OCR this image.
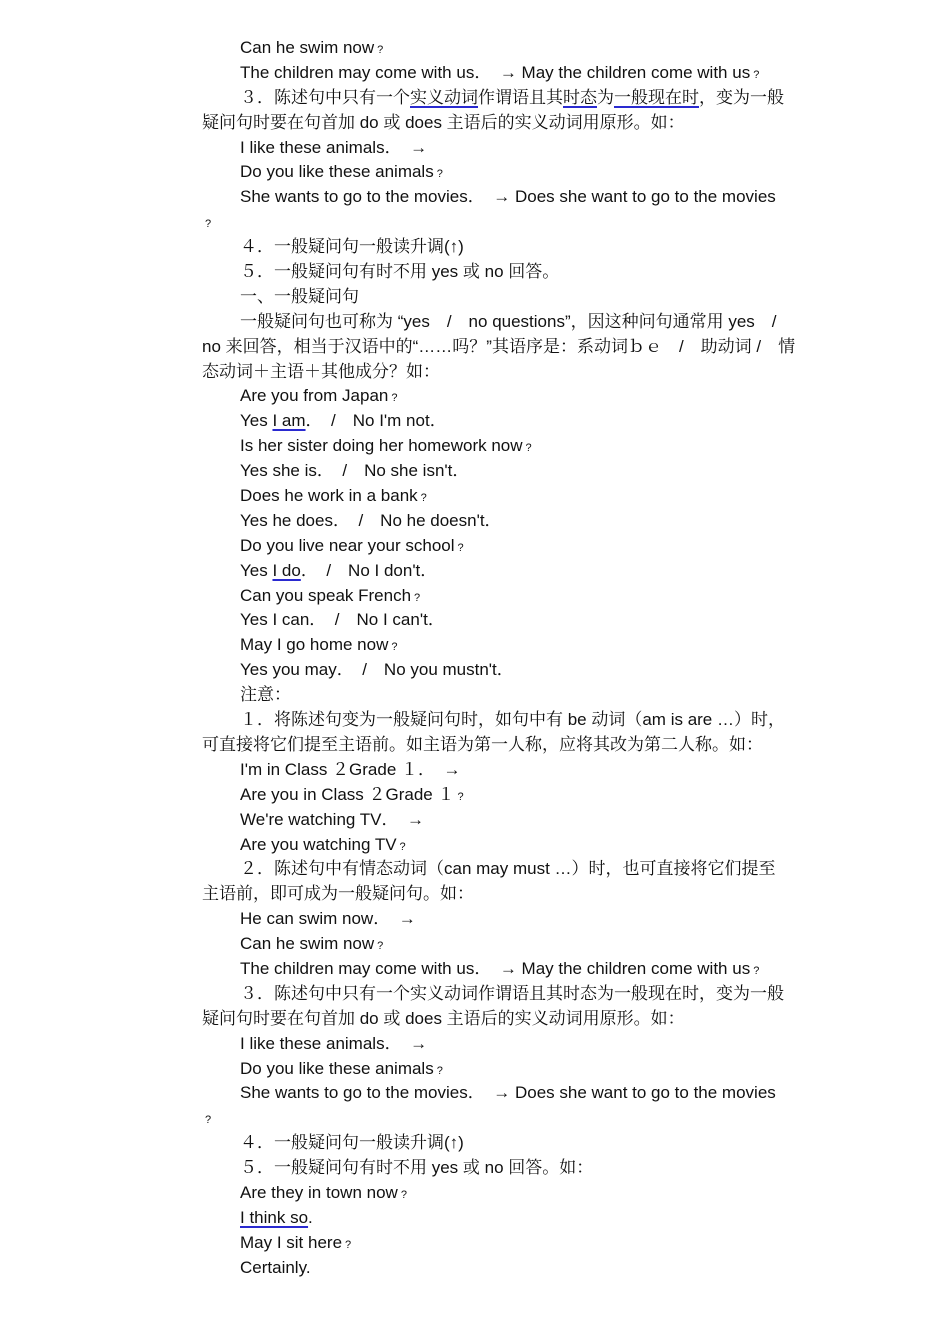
Can he swim now ?
The children may come with us．　→ May the children come with us ?
３．陈述句中只有一个实义动词作谓语且其时态为一般现在时，变为一般
疑问句时要在句首加 do 或 does 主语后的实义动词用原形。如：
I like these animals．　→
Do you like these animals ?
She wants to go to the movies．　→ Does she want to go to the movies
?
４．一般疑问句一般读升调(↑)
５．一般疑问句有时不用 yes 或 no 回答。
一、一般疑问句
一般疑问句也可称为 “yes　/　no questions”，因这种问句通常用 yes　/
no 来回答，相当于汉语中的“……吗？”其语序是：系动词ｂｅ　/　助动词 /　情
态动词＋主语＋其他成分？如：
Are you from Japan ?
Yes I am．　/　No I'm not．
Is her sister doing her homework now ?
Yes she is．　/　No she isn't．
Does he work in a bank ?
Yes he does．　/　No he doesn't．
Do you live near your school ?
Yes I do．　/　No I don't．
Can you speak French ?
Yes I can．　/　No I can't．
May I go home now ?
Yes you may．　/　No you mustn't．
注意：
１．将陈述句变为一般疑问句时，如句中有 be 动词（am is are …）时，
可直接将它们提至主语前。如主语为第一人称，应将其改为第二人称。如：
I'm in Class ２Grade １．　→
Are you in Class ２Grade １ ?
We're watching TV．　→
Are you watching TV ?
２．陈述句中有情态动词（can may must …）时，也可直接将它们提至
主语前，即可成为一般疑问句。如：
He can swim now．　→
Can he swim now ?
The children may come with us．　→ May the children come with us ?
３．陈述句中只有一个实义动词作谓语且其时态为一般现在时，变为一般
疑问句时要在句首加 do 或 does 主语后的实义动词用原形。如：
I like these animals．　→
Do you like these animals ?
She wants to go to the movies．　→ Does she want to go to the movies
?
４．一般疑问句一般读升调(↑)
５．一般疑问句有时不用 yes 或 no 回答。如：
Are they in town now ?
I think so.
May I sit here ?
Certainly.
